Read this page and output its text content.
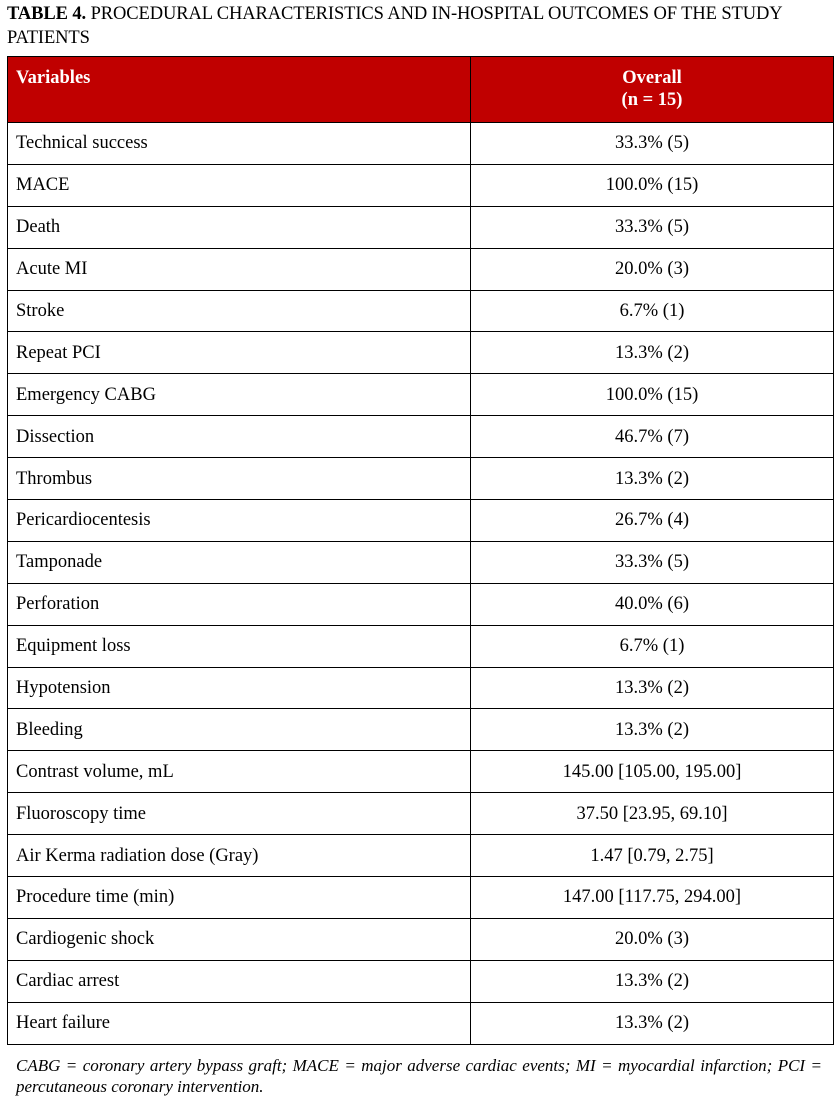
TABLE 4. PROCEDURAL CHARACTERISTICS AND IN-HOSPITAL OUTCOMES OF THE STUDY PATIENTS
Variables	Overall
(n = 15)

Technical success	33.3% (5)
MACE	100.0% (15)
Death	33.3% (5)
Acute MI	20.0% (3)
Stroke	6.7% (1)
Repeat PCI	13.3% (2)
Emergency CABG	100.0% (15)
Dissection	46.7% (7)
Thrombus	13.3% (2)
Pericardiocentesis	26.7% (4)
Tamponade	33.3% (5)
Perforation	40.0% (6)
Equipment loss	6.7% (1)
Hypotension	13.3% (2)
Bleeding	13.3% (2)
Contrast volume, mL	145.00 [105.00, 195.00]
Fluoroscopy time	37.50 [23.95, 69.10]
Air Kerma radiation dose (Gray)	1.47 [0.79, 2.75]
Procedure time (min)	147.00 [117.75, 294.00]
Cardiogenic shock	20.0% (3)
Cardiac arrest	13.3% (2)
Heart failure	13.3% (2)
CABG = coronary artery bypass graft; MACE = major adverse cardiac events; MI = myocardial infarction; PCI = percutaneous coronary intervention.
